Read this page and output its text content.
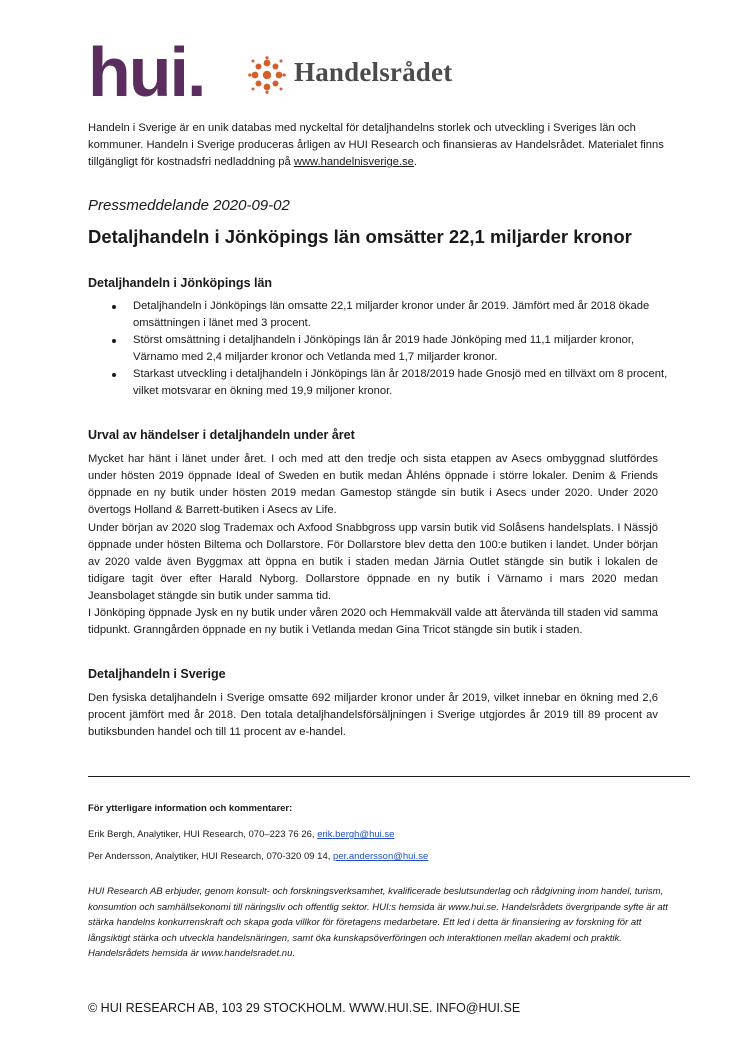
hui.	Handelsrådet

Handeln i Sverige är en unik databas med nyckeltal för detaljhandelns storlek och utveckling i Sveriges län och kommuner. Handeln i Sverige produceras årligen av HUI Research och finansieras av Handelsrådet. Materialet finns tillgängligt för kostnadsfri nedladdning på www.handelnisverige.se.

Pressmeddelande 2020-09-02

Detaljhandeln i Jönköpings län omsätter 22,1 miljarder kronor
Detaljhandeln i Jönköpings län
Detaljhandeln i Jönköpings län omsatte 22,1 miljarder kronor under år 2019. Jämfört med år 2018 ökade omsättningen i länet med 3 procent.
Störst omsättning i detaljhandeln i Jönköpings län år 2019 hade Jönköping med 11,1 miljarder kronor, Värnamo med 2,4 miljarder kronor och Vetlanda med 1,7 miljarder kronor.
Starkast utveckling i detaljhandeln i Jönköpings län år 2018/2019 hade Gnosjö med en tillväxt om 8 procent, vilket motsvarar en ökning med 19,9 miljoner kronor.
Urval av händelser i detaljhandeln under året

Mycket har hänt i länet under året. I och med att den tredje och sista etappen av Asecs ombyggnad slutfördes under hösten 2019 öppnade Ideal of Sweden en butik medan Åhléns öppnade i större lokaler. Denim & Friends öppnade en ny butik under hösten 2019 medan Gamestop stängde sin butik i Asecs under 2020. Under 2020 övertogs Holland & Barrett-butiken i Asecs av Life.

Under början av 2020 slog Trademax och Axfood Snabbgross upp varsin butik vid Solåsens handelsplats. I Nässjö öppnade under hösten Biltema och Dollarstore. För Dollarstore blev detta den 100:e butiken i landet. Under början av 2020 valde även Byggmax att öppna en butik i staden medan Järnia Outlet stängde sin butik i lokalen de tidigare tagit över efter Harald Nyborg. Dollarstore öppnade en ny butik i Värnamo i mars 2020 medan Jeansbolaget stängde sin butik under samma tid.

I Jönköping öppnade Jysk en ny butik under våren 2020 och Hemmakväll valde att återvända till staden vid samma tidpunkt. Granngården öppnade en ny butik i Vetlanda medan Gina Tricot stängde sin butik i staden.

Detaljhandeln i Sverige

Den fysiska detaljhandeln i Sverige omsatte 692 miljarder kronor under år 2019, vilket innebar en ökning med 2,6 procent jämfört med år 2018. Den totala detaljhandelsförsäljningen i Sverige utgjordes år 2019 till 89 procent av butiksbunden handel och till 11 procent av e-handel.

För ytterligare information och kommentarer:

Erik Bergh, Analytiker, HUI Research, 070–223 76 26, erik.bergh@hui.se

Per Andersson, Analytiker, HUI Research, 070-320 09 14, per.andersson@hui.se

HUI Research AB erbjuder, genom konsult- och forskningsverksamhet, kvalificerade beslutsunderlag och rådgivning inom handel, turism, konsumtion och samhällsekonomi till näringsliv och offentlig sektor. HUI:s hemsida är www.hui.se. Handelsrådets övergripande syfte är att stärka handelns konkurrenskraft och skapa goda villkor för företagens medarbetare. Ett led i detta är finansiering av forskning för att långsiktigt stärka och utveckla handelsnäringen, samt öka kunskapsöverföringen och interaktionen mellan akademi och praktik. Handelsrådets hemsida är www.handelsradet.nu.

© HUI RESEARCH AB, 103 29 STOCKHOLM. WWW.HUI.SE. INFO@HUI.SE
